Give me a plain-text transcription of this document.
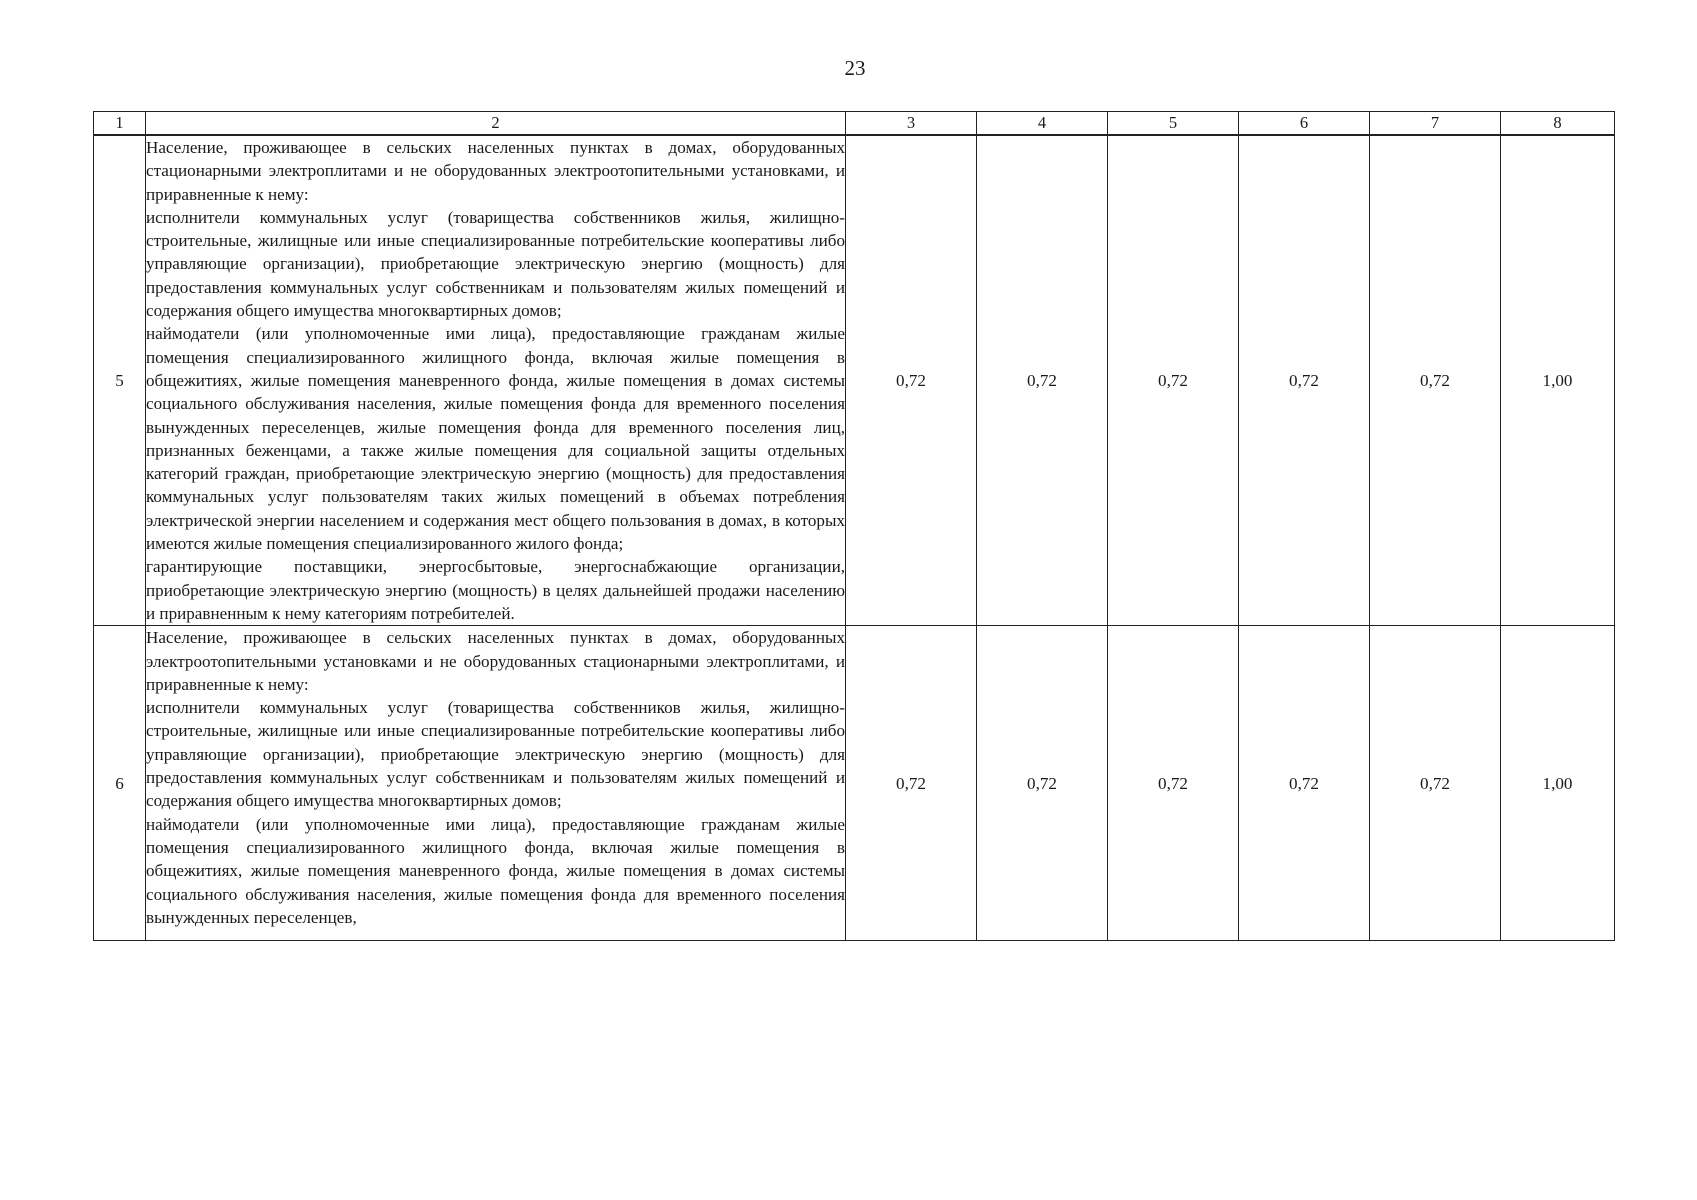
23
1	2	3	4	5	6	7	8
5	Население, проживающее в сельских населенных пунктах в домах, оборудованных стационарными электроплитами и не оборудованных электроотопительными установками, и приравненные к нему:

исполнители коммунальных услуг (товарищества собственников жилья, жилищно-строительные, жилищные или иные специализированные потребительские кооперативы либо управляющие организации), приобретающие электрическую энергию (мощность) для предоставления коммунальных услуг собственникам и пользователям жилых помещений и содержания общего имущества многоквартирных домов;

наймодатели (или уполномоченные ими лица), предоставляющие гражданам жилые помещения специализированного жилищного фонда, включая жилые помещения в общежитиях, жилые помещения маневренного фонда, жилые помещения в домах системы социального обслуживания населения, жилые помещения фонда для временного поселения вынужденных переселенцев, жилые помещения фонда для временного поселения лиц, признанных беженцами, а также жилые помещения для социальной защиты отдельных категорий граждан, приобретающие электрическую энергию (мощность) для предоставления коммунальных услуг пользователям таких жилых помещений в объемах потребления электрической энергии населением и содержания мест общего пользования в домах, в которых имеются жилые помещения специализированного жилого фонда;

гарантирующие поставщики, энергосбытовые, энергоснабжающие организации, приобретающие электрическую энергию (мощность) в целях дальнейшей продажи населению и приравненным к нему категориям потребителей.	0,72	0,72	0,72	0,72	0,72	1,00
6	Население, проживающее в сельских населенных пунктах в домах, оборудованных электроотопительными установками и не оборудованных стационарными электроплитами, и приравненные к нему:

исполнители коммунальных услуг (товарищества собственников жилья, жилищно-строительные, жилищные или иные специализированные потребительские кооперативы либо управляющие организации), приобретающие электрическую энергию (мощность) для предоставления коммунальных услуг собственникам и пользователям жилых помещений и содержания общего имущества многоквартирных домов;

наймодатели (или уполномоченные ими лица), предоставляющие гражданам жилые помещения специализированного жилищного фонда, включая жилые помещения в общежитиях, жилые помещения маневренного фонда, жилые помещения в домах системы социального обслуживания населения, жилые помещения фонда для временного поселения вынужденных переселенцев,	0,72	0,72	0,72	0,72	0,72	1,00
